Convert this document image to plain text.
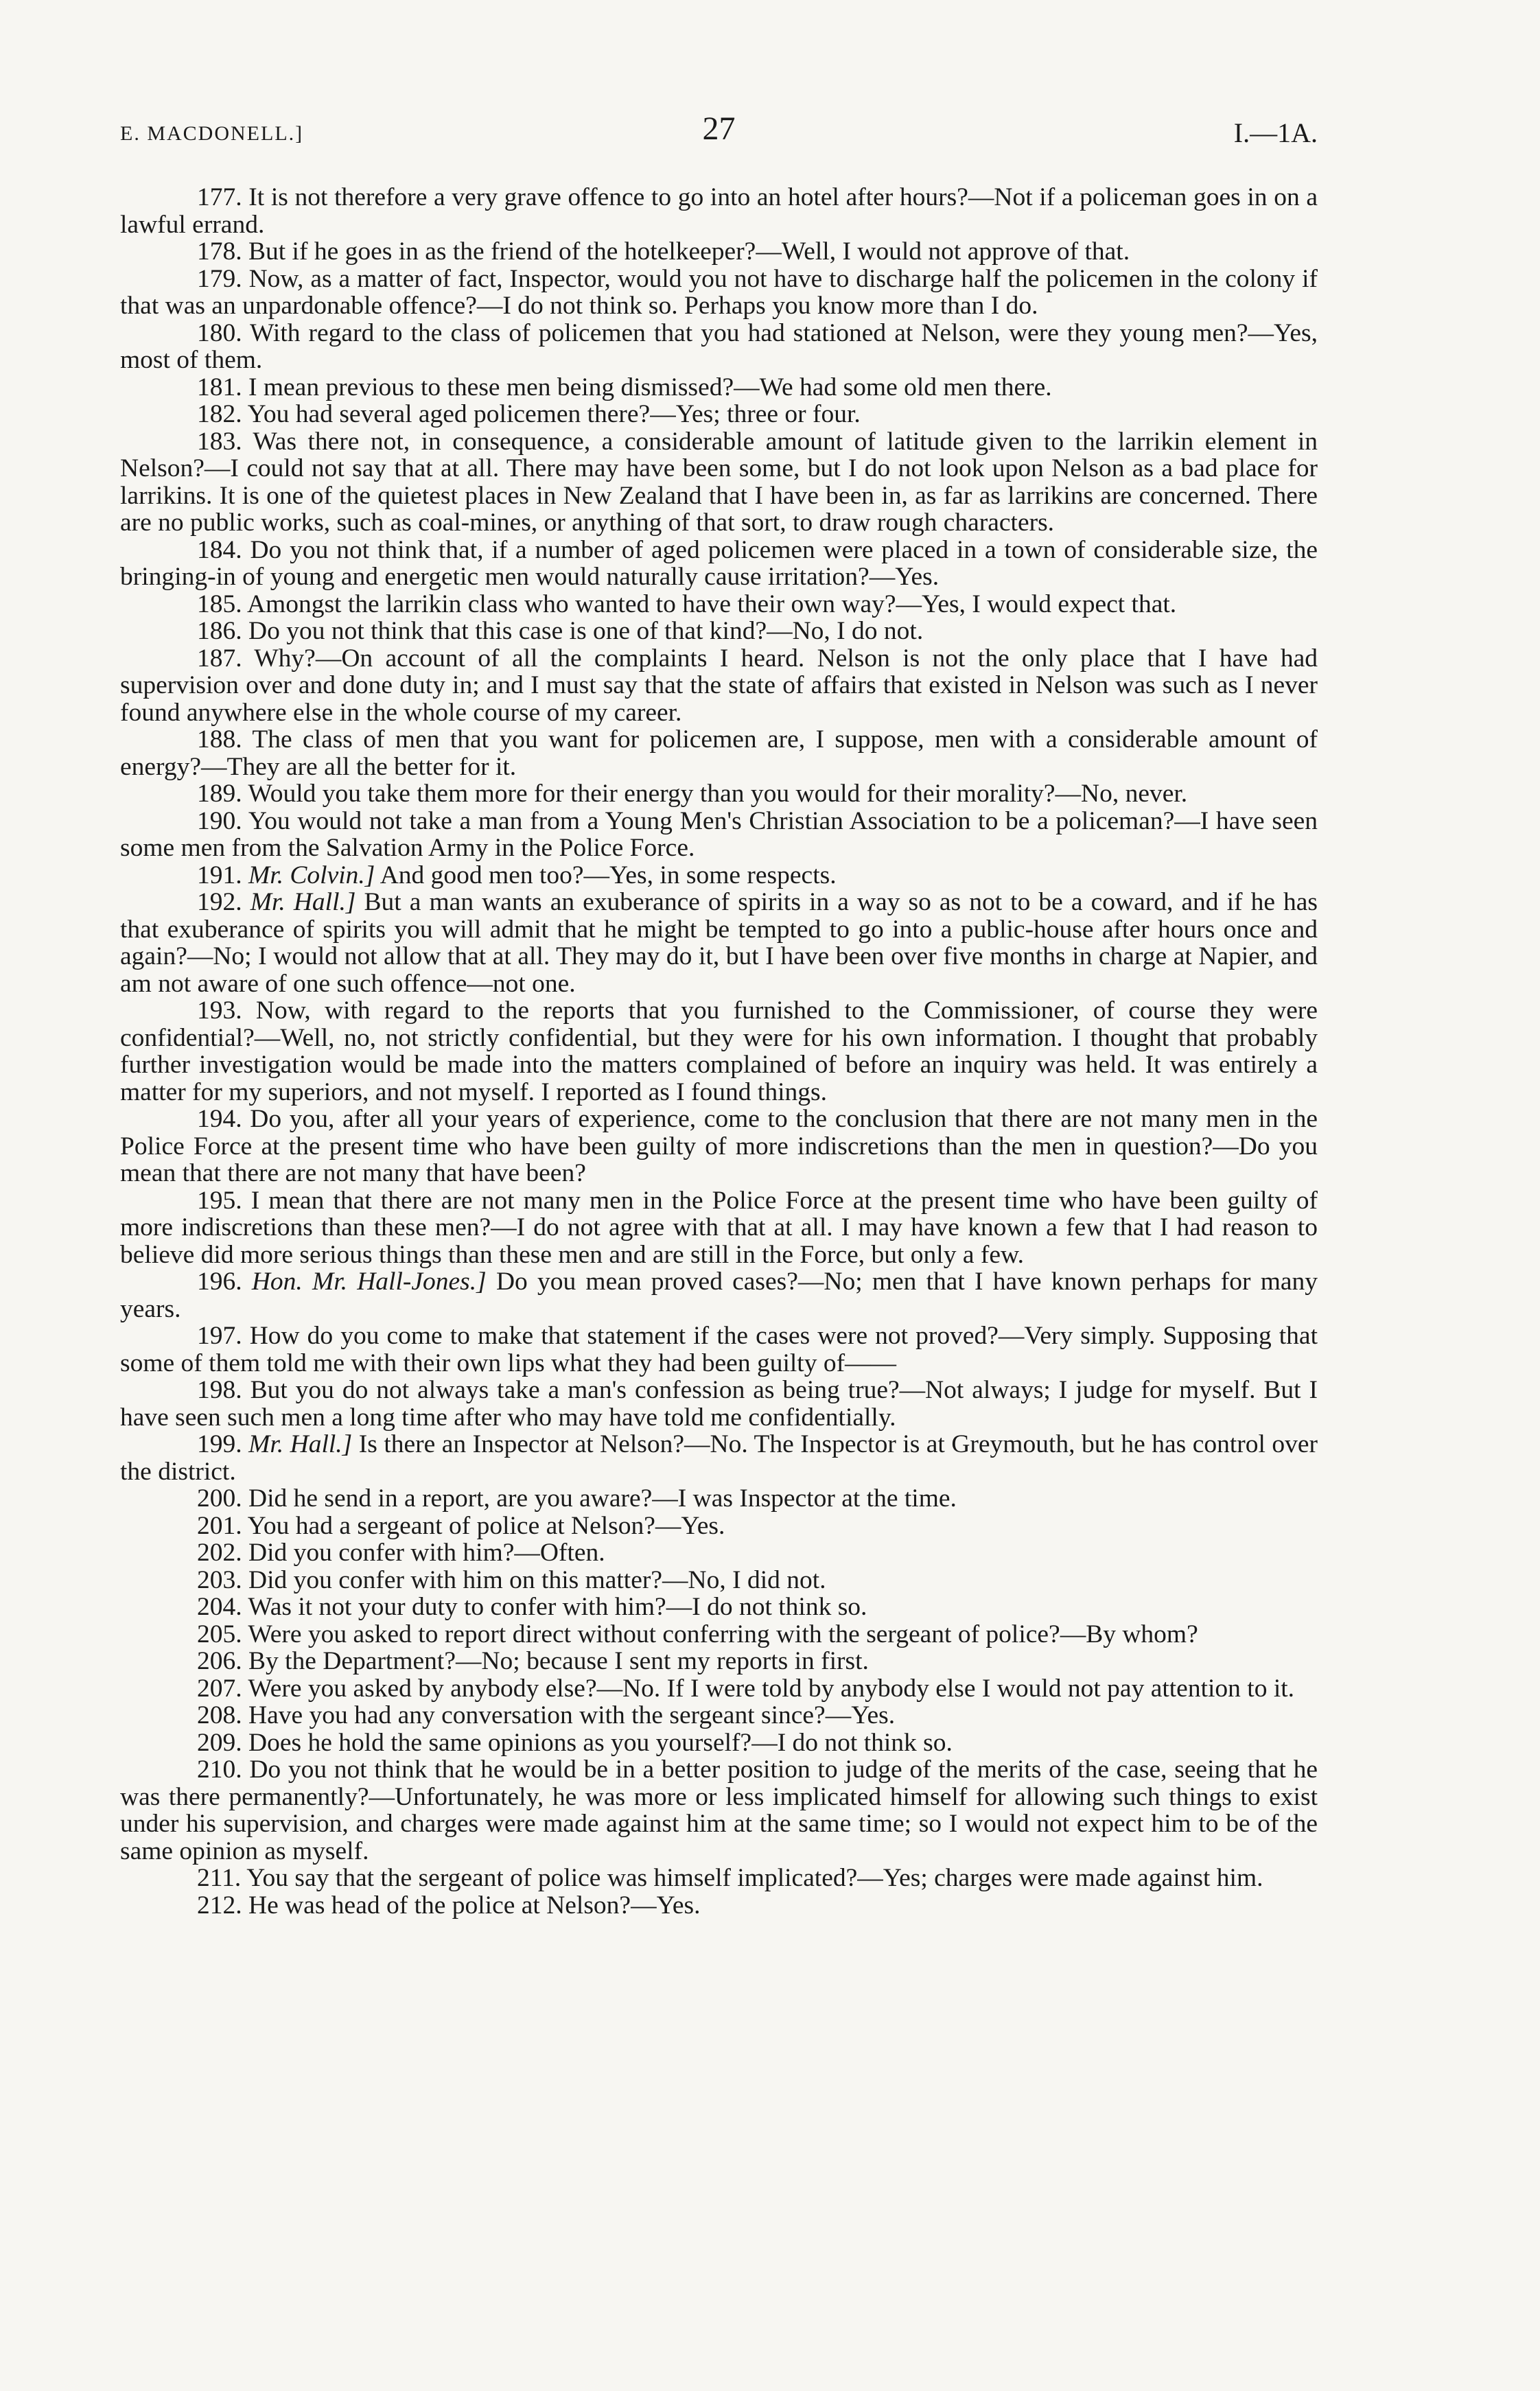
E. MACDONELL.]	27	I.—1A.

177. It is not therefore a very grave offence to go into an hotel after hours?—Not if a policeman goes in on a lawful errand.

178. But if he goes in as the friend of the hotelkeeper?—Well, I would not approve of that.

179. Now, as a matter of fact, Inspector, would you not have to discharge half the policemen in the colony if that was an unpardonable offence?—I do not think so. Perhaps you know more than I do.

180. With regard to the class of policemen that you had stationed at Nelson, were they young men?—Yes, most of them.

181. I mean previous to these men being dismissed?—We had some old men there.

182. You had several aged policemen there?—Yes; three or four.

183. Was there not, in consequence, a considerable amount of latitude given to the larrikin element in Nelson?—I could not say that at all. There may have been some, but I do not look upon Nelson as a bad place for larrikins. It is one of the quietest places in New Zealand that I have been in, as far as larrikins are concerned. There are no public works, such as coal-mines, or anything of that sort, to draw rough characters.

184. Do you not think that, if a number of aged policemen were placed in a town of considerable size, the bringing-in of young and energetic men would naturally cause irritation?—Yes.

185. Amongst the larrikin class who wanted to have their own way?—Yes, I would expect that.

186. Do you not think that this case is one of that kind?—No, I do not.

187. Why?—On account of all the complaints I heard. Nelson is not the only place that I have had supervision over and done duty in; and I must say that the state of affairs that existed in Nelson was such as I never found anywhere else in the whole course of my career.

188. The class of men that you want for policemen are, I suppose, men with a considerable amount of energy?—They are all the better for it.

189. Would you take them more for their energy than you would for their morality?—No, never.

190. You would not take a man from a Young Men's Christian Association to be a policeman?—I have seen some men from the Salvation Army in the Police Force.

191. Mr. Colvin.] And good men too?—Yes, in some respects.

192. Mr. Hall.] But a man wants an exuberance of spirits in a way so as not to be a coward, and if he has that exuberance of spirits you will admit that he might be tempted to go into a public-house after hours once and again?—No; I would not allow that at all. They may do it, but I have been over five months in charge at Napier, and am not aware of one such offence—not one.

193. Now, with regard to the reports that you furnished to the Commissioner, of course they were confidential?—Well, no, not strictly confidential, but they were for his own information. I thought that probably further investigation would be made into the matters complained of before an inquiry was held. It was entirely a matter for my superiors, and not myself. I reported as I found things.

194. Do you, after all your years of experience, come to the conclusion that there are not many men in the Police Force at the present time who have been guilty of more indiscretions than the men in question?—Do you mean that there are not many that have been?

195. I mean that there are not many men in the Police Force at the present time who have been guilty of more indiscretions than these men?—I do not agree with that at all. I may have known a few that I had reason to believe did more serious things than these men and are still in the Force, but only a few.

196. Hon. Mr. Hall-Jones.] Do you mean proved cases?—No; men that I have known perhaps for many years.

197. How do you come to make that statement if the cases were not proved?—Very simply. Supposing that some of them told me with their own lips what they had been guilty of——

198. But you do not always take a man's confession as being true?—Not always; I judge for myself. But I have seen such men a long time after who may have told me confidentially.

199. Mr. Hall.] Is there an Inspector at Nelson?—No. The Inspector is at Greymouth, but he has control over the district.

200. Did he send in a report, are you aware?—I was Inspector at the time.

201. You had a sergeant of police at Nelson?—Yes.

202. Did you confer with him?—Often.

203. Did you confer with him on this matter?—No, I did not.

204. Was it not your duty to confer with him?—I do not think so.

205. Were you asked to report direct without conferring with the sergeant of police?—By whom?

206. By the Department?—No; because I sent my reports in first.

207. Were you asked by anybody else?—No. If I were told by anybody else I would not pay attention to it.

208. Have you had any conversation with the sergeant since?—Yes.

209. Does he hold the same opinions as you yourself?—I do not think so.

210. Do you not think that he would be in a better position to judge of the merits of the case, seeing that he was there permanently?—Unfortunately, he was more or less implicated himself for allowing such things to exist under his supervision, and charges were made against him at the same time; so I would not expect him to be of the same opinion as myself.

211. You say that the sergeant of police was himself implicated?—Yes; charges were made against him.

212. He was head of the police at Nelson?—Yes.
